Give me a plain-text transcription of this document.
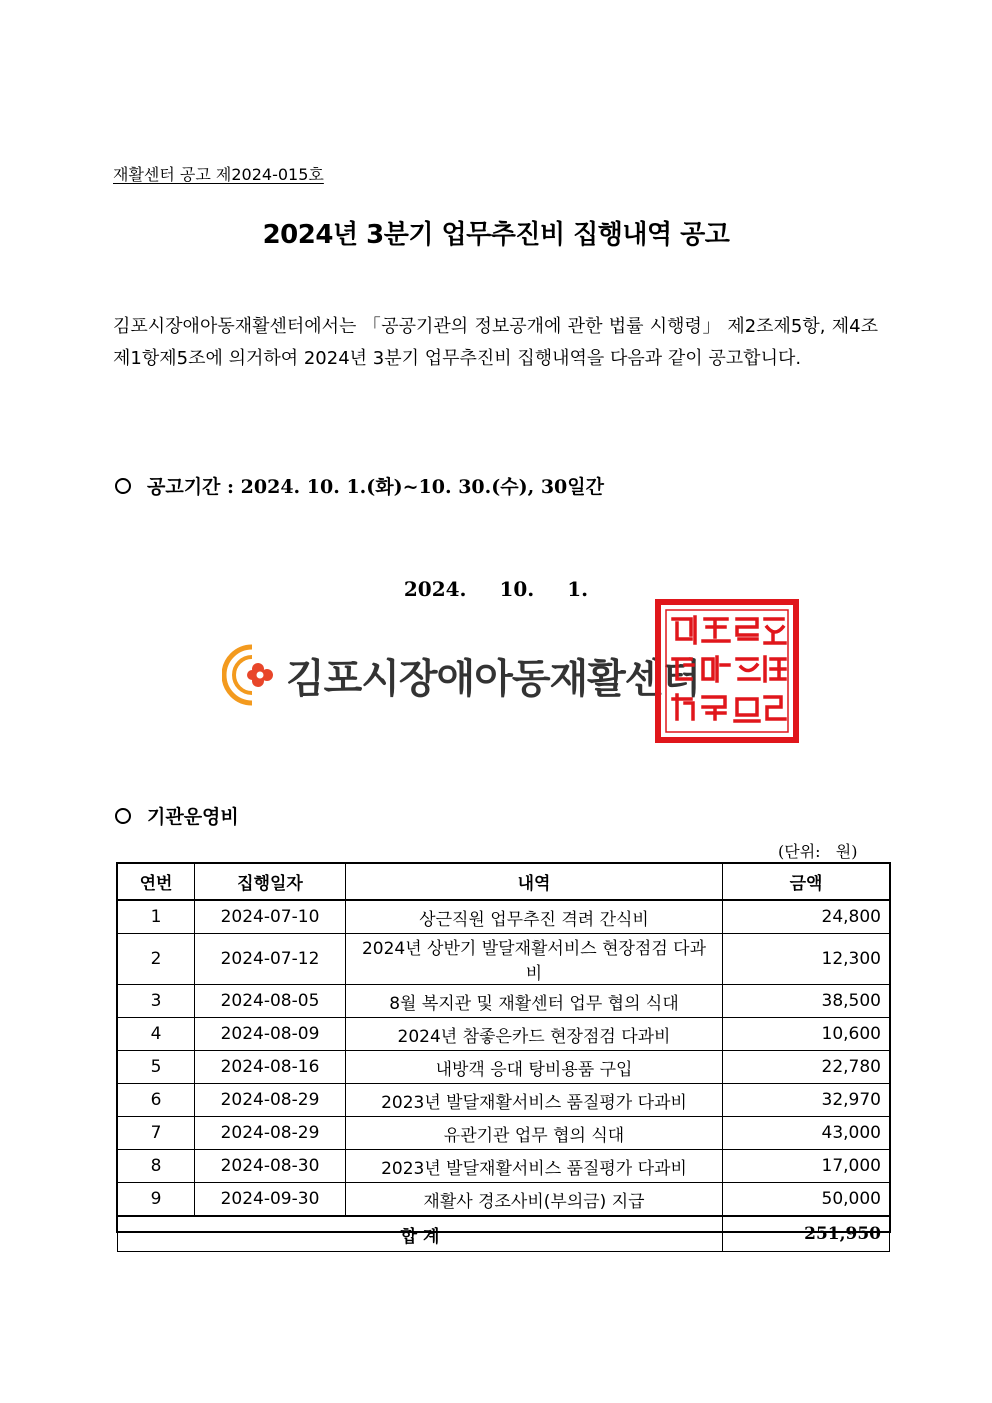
재활센터 공고 제2024-015호
2024년 3분기 업무추진비 집행내역 공고
김포시장애아동재활센터에서는 「공공기관의 정보공개에 관한 법률 시행령」 제2조제5항, 제4조제1항제5조에 의거하여 2024년 3분기 업무추진비 집행내역을 다음과 같이 공고합니다.
공고기간 : 2024. 10. 1.(화)~10. 30.(수), 30일간
2024. 10. 1.
김포시장애아동재활센터
기관운영비
(단위:   원)
연번	집행일자	내역	금액
1	2024-07-10	상근직원 업무추진 격려 간식비	24,800
2	2024-07-12	2024년 상반기 발달재활서비스 현장점검 다과비	12,300
3	2024-08-05	8월 복지관 및 재활센터 업무 협의 식대	38,500
4	2024-08-09	2024년 참좋은카드 현장점검 다과비	10,600
5	2024-08-16	내방객 응대 탕비용품 구입	22,780
6	2024-08-29	2023년 발달재활서비스 품질평가 다과비	32,970
7	2024-08-29	유관기관 업무 협의 식대	43,000
8	2024-08-30	2023년 발달재활서비스 품질평가 다과비	17,000
9	2024-09-30	재활사 경조사비(부의금) 지급	50,000
합 계			251,950
